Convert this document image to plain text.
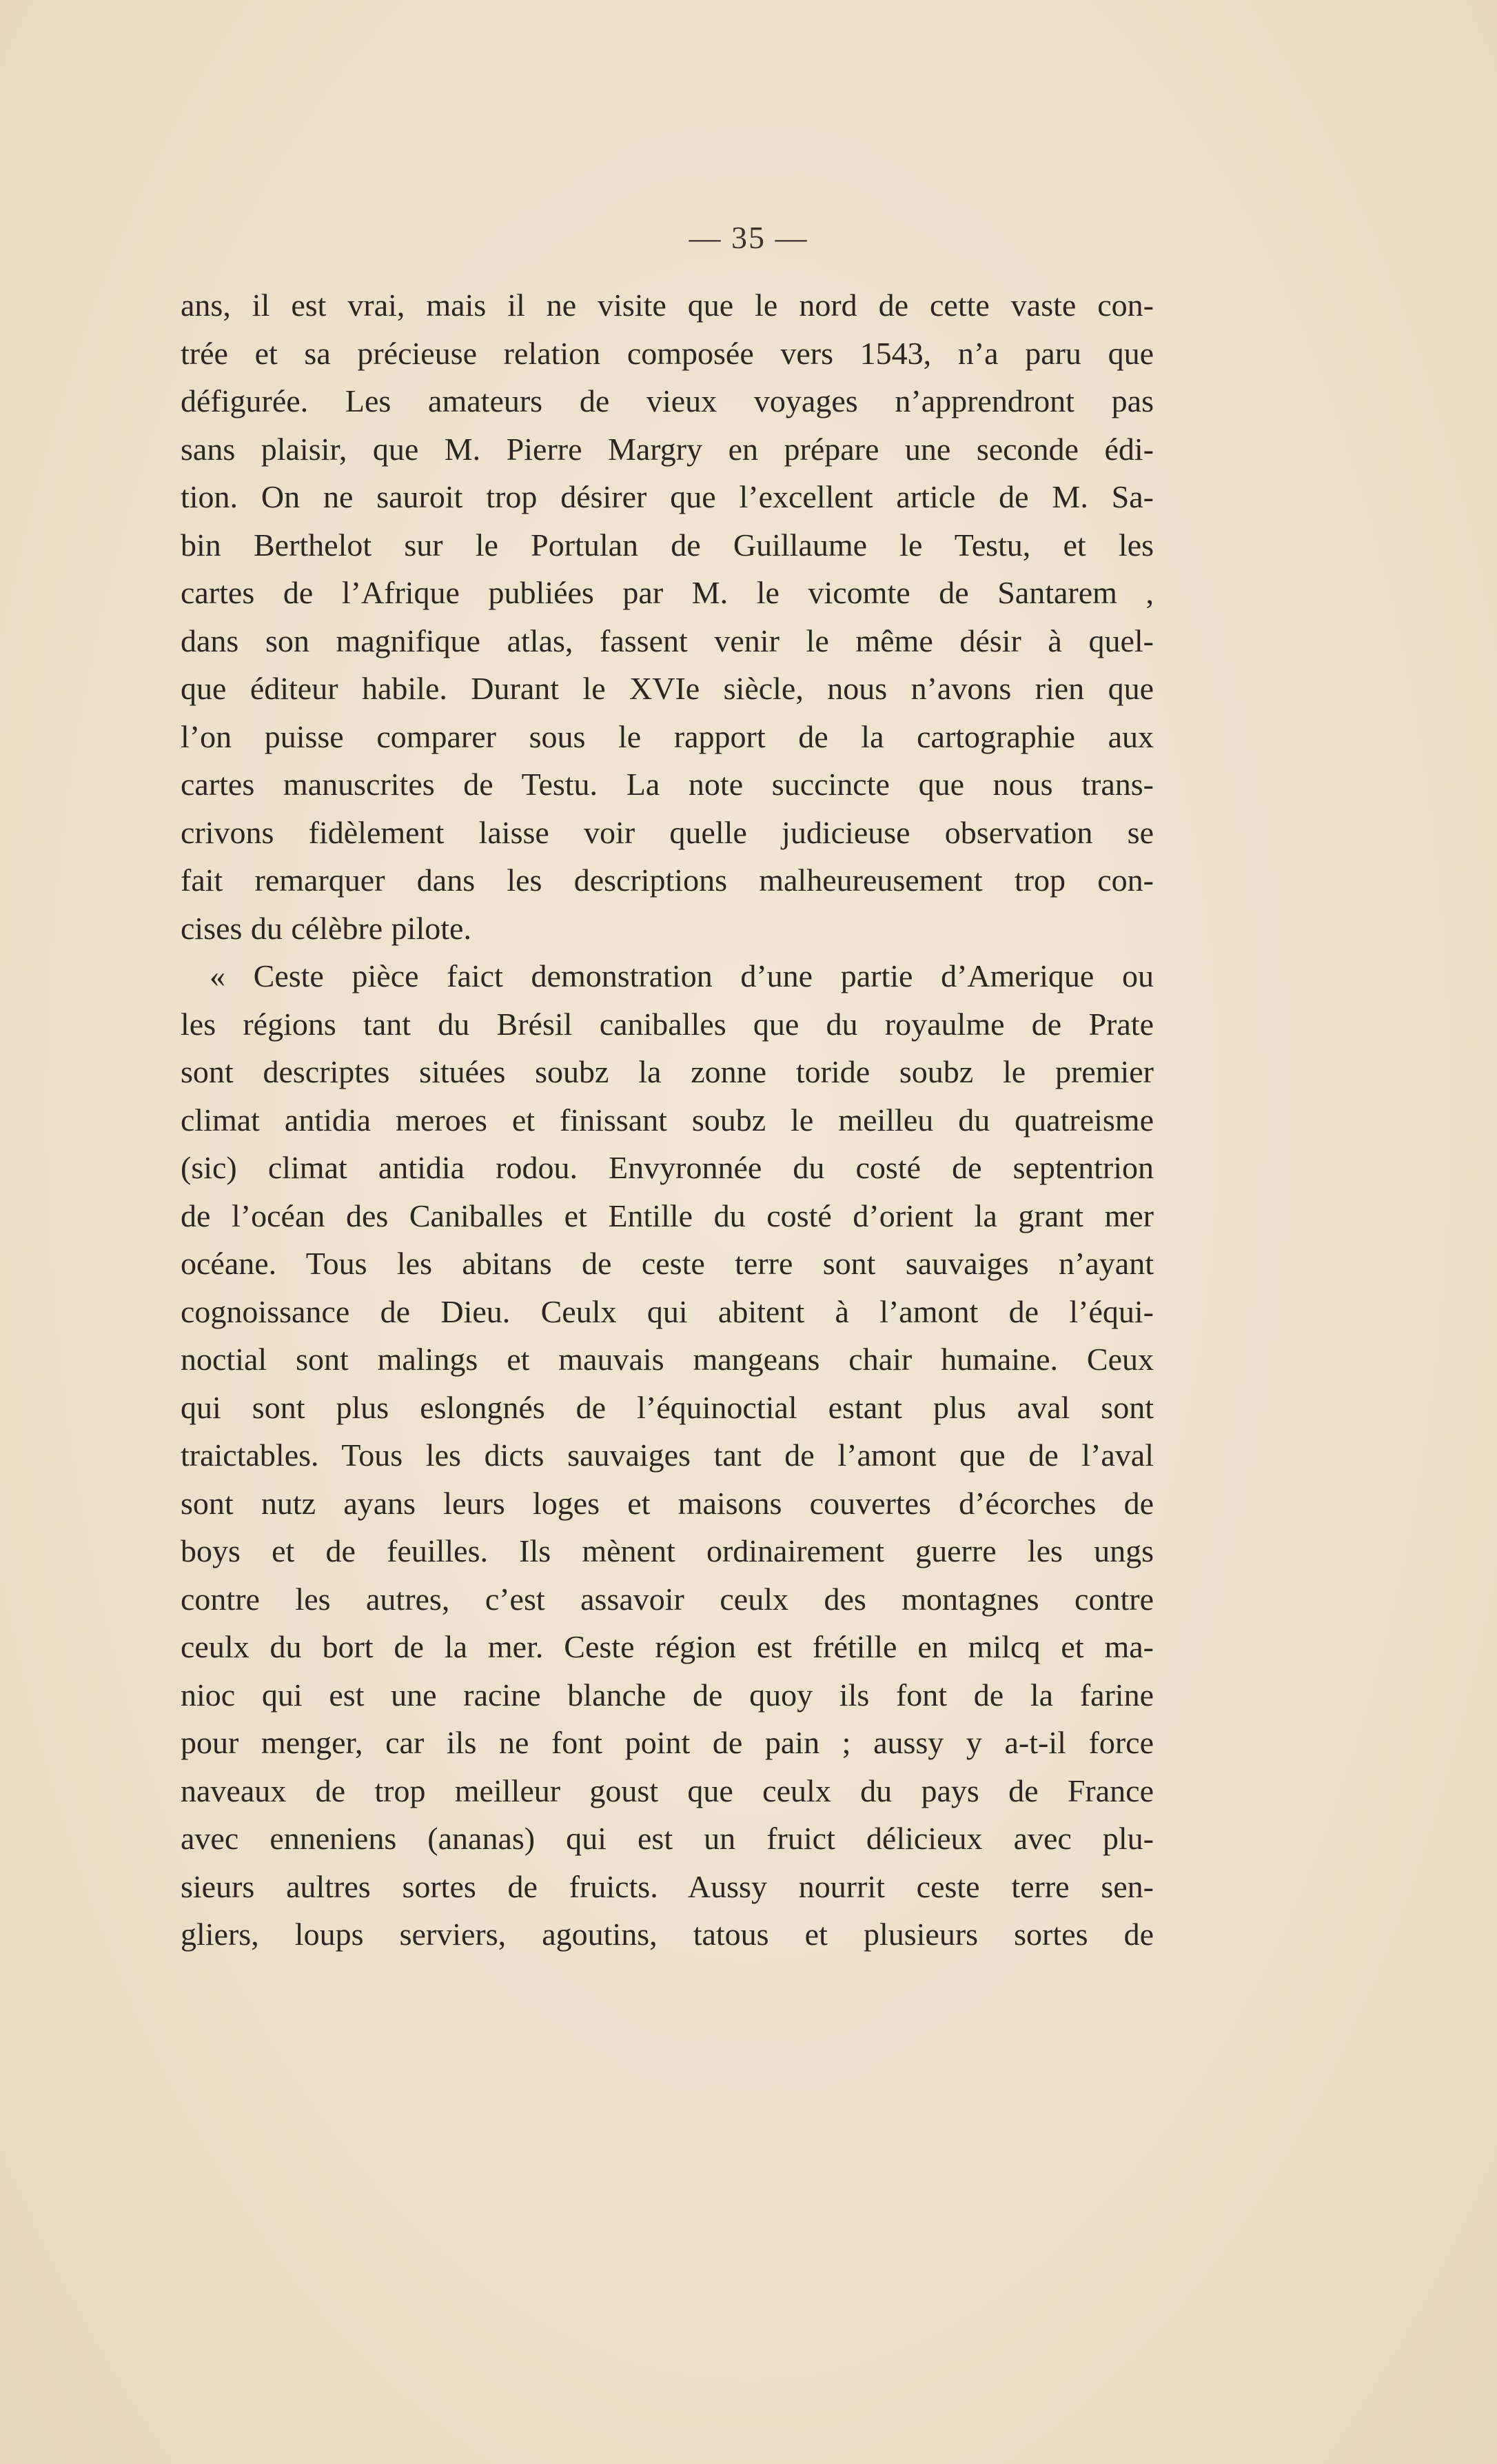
— 35 —
ans, il est vrai, mais il ne visite que le nord de cette vaste con-
trée et sa précieuse relation composée vers 1543, n’a paru que
défigurée. Les amateurs de vieux voyages n’apprendront pas
sans plaisir, que M. Pierre Margry en prépare une seconde édi-
tion. On ne sauroit trop désirer que l’excellent article de M. Sa-
bin Berthelot sur le Portulan de Guillaume le Testu, et les
cartes de l’Afrique publiées par M. le vicomte de Santarem ,
dans son magnifique atlas, fassent venir le même désir à quel-
que éditeur habile. Durant le XVIe siècle, nous n’avons rien que
l’on puisse comparer sous le rapport de la cartographie aux
cartes manuscrites de Testu. La note succincte que nous trans-
crivons fidèlement laisse voir quelle judicieuse observation se
fait remarquer dans les descriptions malheureusement trop con-
cises du célèbre pilote.
« Ceste pièce faict demonstration d’une partie d’Amerique ou
les régions tant du Brésil caniballes que du royaulme de Prate
sont descriptes situées soubz la zonne toride soubz le premier
climat antidia meroes et finissant soubz le meilleu du quatreisme
(sic) climat antidia rodou. Envyronnée du costé de septentrion
de l’océan des Caniballes et Entille du costé d’orient la grant mer
océane. Tous les abitans de ceste terre sont sauvaiges n’ayant
cognoissance de Dieu. Ceulx qui abitent à l’amont de l’équi-
noctial sont malings et mauvais mangeans chair humaine. Ceux
qui sont plus eslongnés de l’équinoctial estant plus aval sont
traictables. Tous les dicts sauvaiges tant de l’amont que de l’aval
sont nutz ayans leurs loges et maisons couvertes d’écorches de
boys et de feuilles. Ils mènent ordinairement guerre les ungs
contre les autres, c’est assavoir ceulx des montagnes contre
ceulx du bort de la mer. Ceste région est frétille en milcq et ma-
nioc qui est une racine blanche de quoy ils font de la farine
pour menger, car ils ne font point de pain ; aussy y a-t-il force
naveaux de trop meilleur goust que ceulx du pays de France
avec enneniens (ananas) qui est un fruict délicieux avec plu-
sieurs aultres sortes de fruicts. Aussy nourrit ceste terre sen-
gliers, loups serviers, agoutins, tatous et plusieurs sortes de
